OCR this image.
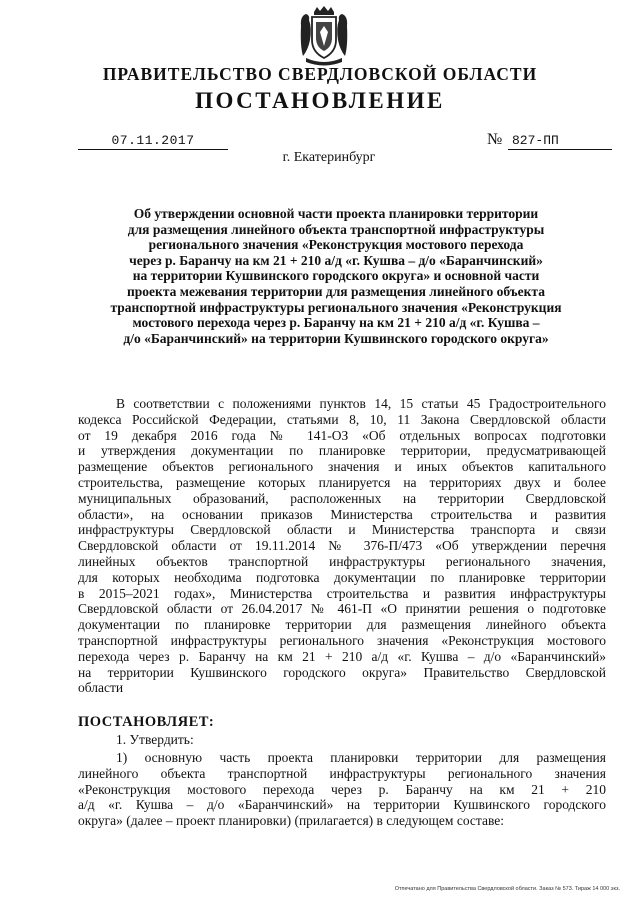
ПРАВИТЕЛЬСТВО СВЕРДЛОВСКОЙ ОБЛАСТИ
ПОСТАНОВЛЕНИЕ
07.11.2017	№ 827-ПП
г. Екатеринбург
Об утверждении основной части проекта планировки территории
для размещения линейного объекта транспортной инфраструктуры
регионального значения «Реконструкция мостового перехода
через р. Баранчу на км 21 + 210 а/д «г. Кушва – д/о «Баранчинский»
на территории Кушвинского городского округа» и основной части
проекта межевания территории для размещения линейного объекта
транспортной инфраструктуры регионального значения «Реконструкция
мостового перехода через р. Баранчу на км 21 + 210 а/д «г. Кушва –
д/о «Баранчинский» на территории Кушвинского городского округа»
В соответствии с положениями пунктов 14, 15 статьи 45 Градостроительного
кодекса Российской Федерации, статьями 8, 10, 11 Закона Свердловской области
от 19 декабря 2016 года № 141-ОЗ «Об отдельных вопросах подготовки
и утверждения документации по планировке территории, предусматривающей
размещение объектов регионального значения и иных объектов капитального
строительства, размещение которых планируется на территориях двух и более
муниципальных образований, расположенных на территории Свердловской
области», на основании приказов Министерства строительства и развития
инфраструктуры Свердловской области и Министерства транспорта и связи
Свердловской области от 19.11.2014 № 376-П/473 «Об утверждении перечня
линейных объектов транспортной инфраструктуры регионального значения,
для которых необходима подготовка документации по планировке территории
в 2015–2021 годах», Министерства строительства и развития инфраструктуры
Свердловской области от 26.04.2017 № 461-П «О принятии решения о подготовке
документации по планировке территории для размещения линейного объекта
транспортной инфраструктуры регионального значения «Реконструкция мостового
перехода через р. Баранчу на км 21 + 210 а/д «г. Кушва – д/о «Баранчинский»
на территории Кушвинского городского округа» Правительство Свердловской
области
ПОСТАНОВЛЯЕТ:
1. Утвердить:
1) основную часть проекта планировки территории для размещения
линейного объекта транспортной инфраструктуры регионального значения
«Реконструкция мостового перехода через р. Баранчу на км 21 + 210
а/д «г. Кушва – д/о «Баранчинский» на территории Кушвинского городского
округа» (далее – проект планировки) (прилагается) в следующем составе:
Отпечатано для Правительства Свердловской области. Заказ № 573. Тираж 14 000 экз.
